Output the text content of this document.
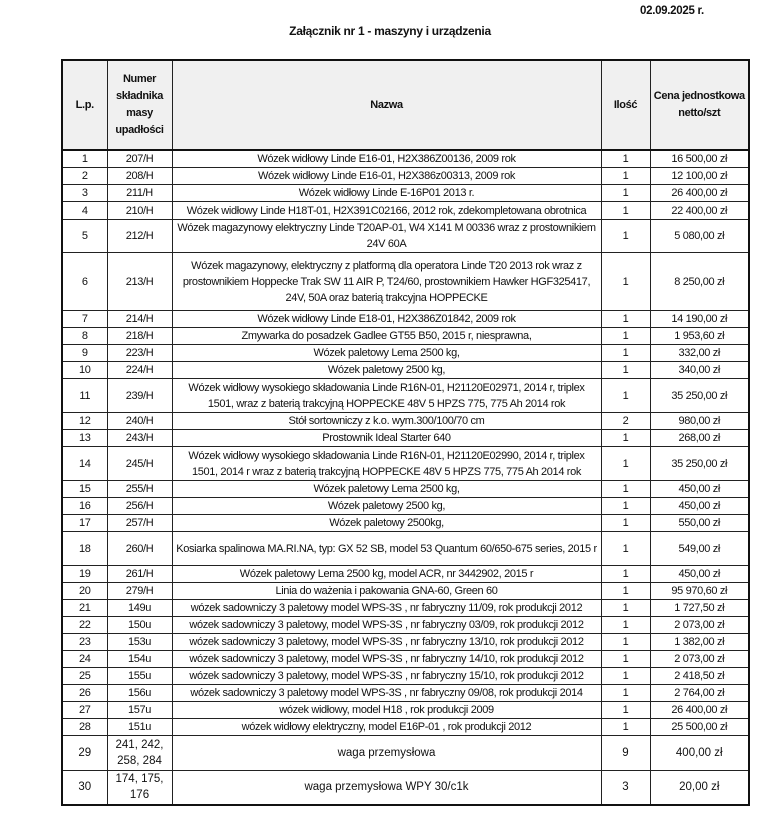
02.09.2025 r.
Załącznik nr 1 - maszyny i urządzenia
L.p.	Numer składnika masy upadłości	Nazwa	Ilość	Cena jednostkowa netto/szt
1	207/H	Wózek widłowy Linde E16-01, H2X386Z00136, 2009 rok	1	16 500,00 zł
2	208/H	Wózek widłowy Linde E16-01, H2X386z00313, 2009 rok	1	12 100,00 zł
3	211/H	Wózek widłowy Linde E-16P01 2013 r.	1	26 400,00 zł
4	210/H	Wózek widłowy Linde H18T-01, H2X391C02166, 2012 rok, zdekompletowana obrotnica	1	22 400,00 zł
5	212/H	Wózek magazynowy elektryczny Linde T20AP-01, W4 X141 M 00336 wraz z prostownikiem 24V 60A	1	5 080,00 zł
6	213/H	Wózek magazynowy, elektryczny z platformą dla operatora Linde T20 2013 rok wraz z prostownikiem Hoppecke Trak SW 11 AIR P, T24/60, prostownikiem Hawker HGF325417, 24V, 50A oraz baterią trakcyjna HOPPECKE	1	8 250,00 zł
7	214/H	Wózek widłowy Linde E18-01, H2X386Z01842, 2009 rok	1	14 190,00 zł
8	218/H	Zmywarka do posadzek Gadlee GT55 B50, 2015 r, niesprawna,	1	1 953,60 zł
9	223/H	Wózek paletowy Lema 2500 kg,	1	332,00 zł
10	224/H	Wózek paletowy 2500 kg,	1	340,00 zł
11	239/H	Wózek widłowy wysokiego składowania Linde R16N-01, H21120E02971, 2014 r, triplex 1501, wraz z baterią trakcyjną HOPPECKE 48V 5 HPZS 775, 775 Ah 2014 rok	1	35 250,00 zł
12	240/H	Stół sortowniczy z k.o. wym.300/100/70 cm	2	980,00 zł
13	243/H	Prostownik Ideal Starter 640	1	268,00 zł
14	245/H	Wózek widłowy wysokiego składowania Linde R16N-01, H21120E02990, 2014 r, triplex 1501, 2014 r wraz z baterią trakcyjną HOPPECKE 48V 5 HPZS 775, 775 Ah 2014 rok	1	35 250,00 zł
15	255/H	Wózek paletowy Lema 2500 kg,	1	450,00 zł
16	256/H	Wózek paletowy 2500 kg,	1	450,00 zł
17	257/H	Wózek paletowy 2500kg,	1	550,00 zł
18	260/H	Kosiarka spalinowa MA.RI.NA, typ: GX 52 SB, model 53 Quantum 60/650-675 series, 2015 r	1	549,00 zł
19	261/H	Wózek paletowy Lema 2500 kg, model ACR, nr 3442902, 2015 r	1	450,00 zł
20	279/H	Linia do ważenia i pakowania GNA-60, Green 60	1	95 970,60 zł
21	149u	wózek sadowniczy 3 paletowy model WPS-3S , nr fabryczny 11/09, rok produkcji 2012	1	1 727,50 zł
22	150u	wózek sadowniczy 3 paletowy, model WPS-3S , nr fabryczny 03/09, rok produkcji 2012	1	2 073,00 zł
23	153u	wózek sadowniczy 3 paletowy, model WPS-3S , nr fabryczny 13/10, rok produkcji 2012	1	1 382,00 zł
24	154u	wózek sadowniczy 3 paletowy, model WPS-3S , nr fabryczny 14/10, rok produkcji 2012	1	2 073,00 zł
25	155u	wózek sadowniczy 3 paletowy, model WPS-3S , nr fabryczny 15/10, rok produkcji 2012	1	2 418,50 zł
26	156u	wózek sadowniczy 3 paletowy model WPS-3S , nr fabryczny 09/08, rok produkcji 2014	1	2 764,00 zł
27	157u	wózek widłowy, model H18 , rok produkcji 2009	1	26 400,00 zł
28	151u	wózek widłowy elektryczny, model E16P-01 , rok produkcji 2012	1	25 500,00 zł
29	241, 242, 258, 284	waga przemysłowa	9	400,00 zł
30	174, 175, 176	waga przemysłowa WPY 30/c1k	3	20,00 zł
